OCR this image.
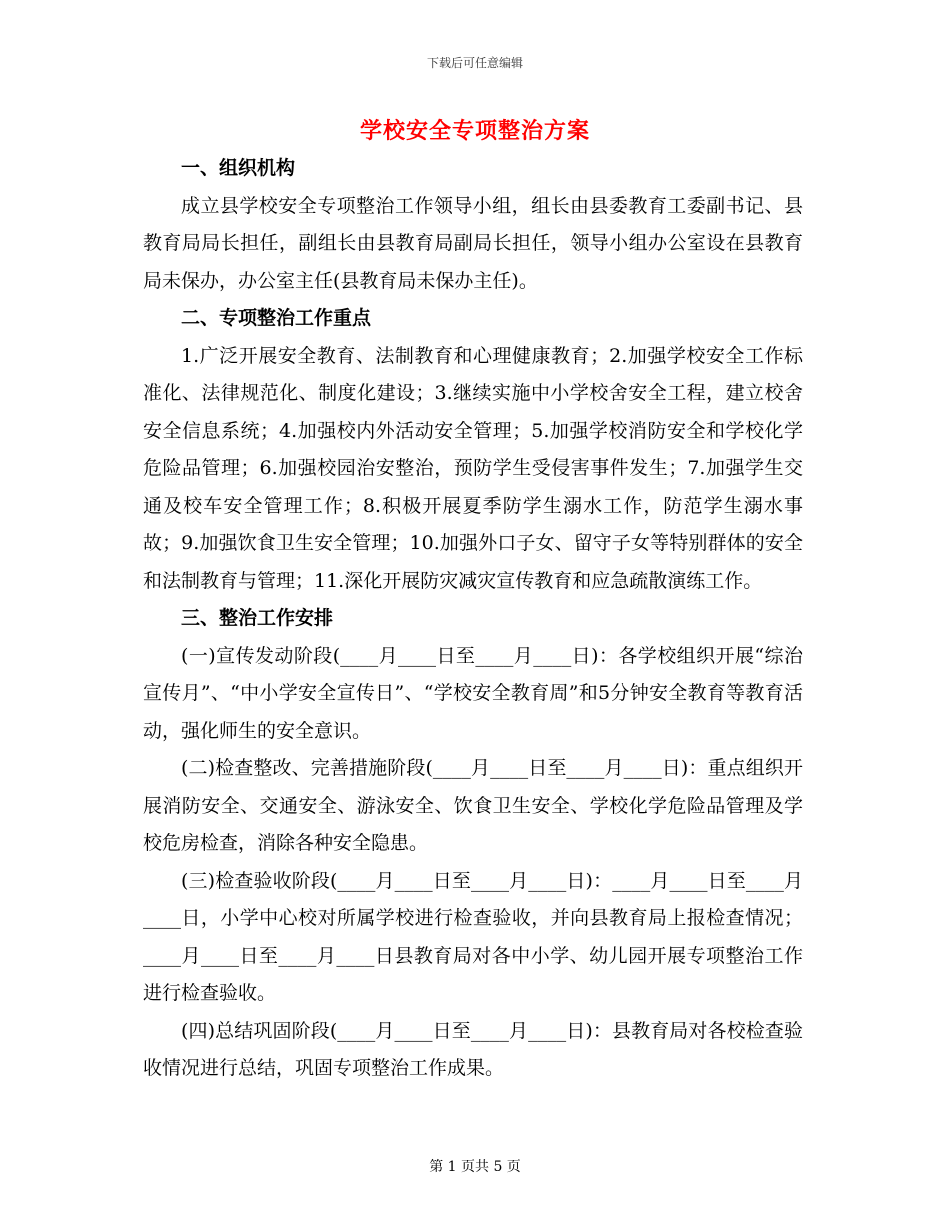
下载后可任意编辑
学校安全专项整治方案

一、组织机构

成立县学校安全专项整治工作领导小组，组长由县委教育工委副书记、县教育局局长担任，副组长由县教育局副局长担任，领导小组办公室设在县教育局未保办，办公室主任(县教育局未保办主任)。

二、专项整治工作重点

1.广泛开展安全教育、法制教育和心理健康教育；2.加强学校安全工作标准化、法律规范化、制度化建设；3.继续实施中小学校舍安全工程，建立校舍安全信息系统；4.加强校内外活动安全管理；5.加强学校消防安全和学校化学危险品管理；6.加强校园治安整治，预防学生受侵害事件发生；7.加强学生交通及校车安全管理工作；8.积极开展夏季防学生溺水工作，防范学生溺水事故；9.加强饮食卫生安全管理；10.加强外口子女、留守子女等特别群体的安全和法制教育与管理；11.深化开展防灾减灾宣传教育和应急疏散演练工作。

三、整治工作安排

(一)宣传发动阶段(____月____日至____月____日)：各学校组织开展“综治宣传月”、“中小学安全宣传日”、“学校安全教育周”和5分钟安全教育等教育活动，强化师生的安全意识。

(二)检查整改、完善措施阶段(____月____日至____月____日)：重点组织开展消防安全、交通安全、游泳安全、饮食卫生安全、学校化学危险品管理及学校危房检查，消除各种安全隐患。

(三)检查验收阶段(____月____日至____月____日)：____月____日至____月____日，小学中心校对所属学校进行检查验收，并向县教育局上报检查情况；____月____日至____月____日县教育局对各中小学、幼儿园开展专项整治工作进行检查验收。

(四)总结巩固阶段(____月____日至____月____日)：县教育局对各校检查验收情况进行总结，巩固专项整治工作成果。

第 1 页共 5 页
